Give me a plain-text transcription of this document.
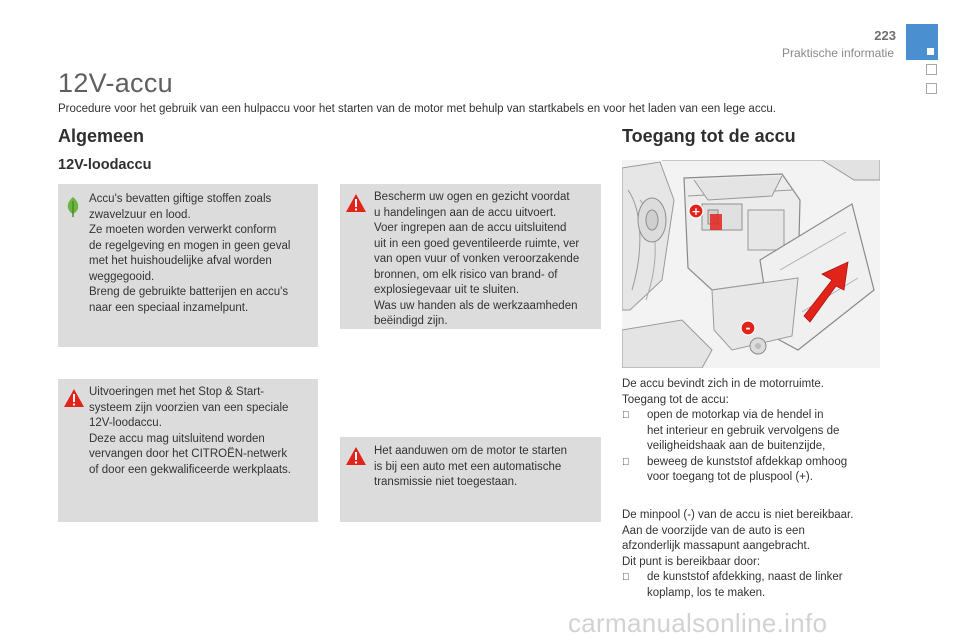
223
Praktische informatie
12V-accu
Procedure voor het gebruik van een hulpaccu voor het starten van de motor met behulp van startkabels en voor het laden van een lege accu.
Algemeen
12V-loodaccu
Accu's bevatten giftige stoffen zoals
zwavelzuur en lood.
Ze moeten worden verwerkt conform
de regelgeving en mogen in geen geval
met het huishoudelijke afval worden
weggegooid.
Breng de gebruikte batterijen en accu's
naar een speciaal inzamelpunt.
Bescherm uw ogen en gezicht voordat
u handelingen aan de accu uitvoert.
Voer ingrepen aan de accu uitsluitend
uit in een goed geventileerde ruimte, ver
van open vuur of vonken veroorzakende
bronnen, om elk risico van brand- of
explosiegevaar uit te sluiten.
Was uw handen als de werkzaamheden
beëindigd zijn.
Uitvoeringen met het Stop & Start-
systeem zijn voorzien van een speciale
12V-loodaccu.
Deze accu mag uitsluitend worden
vervangen door het CITROËN-netwerk
of door een gekwalificeerde werkplaats.
Het aanduwen om de motor te starten
is bij een auto met een automatische
transmissie niet toegestaan.
Toegang tot de accu
+
-
De accu bevindt zich in de motorruimte.
Toegang tot de accu:
open de motorkap via de hendel in
het interieur en gebruik vervolgens de
veiligheidshaak aan de buitenzijde,
beweeg de kunststof afdekkap omhoog
voor toegang tot de pluspool (+).
De minpool (-) van de accu is niet bereikbaar.
Aan de voorzijde van de auto is een
afzonderlijk massapunt aangebracht.
Dit punt is bereikbaar door:
de kunststof afdekking, naast de linker
koplamp, los te maken.
carmanualsonline.info
